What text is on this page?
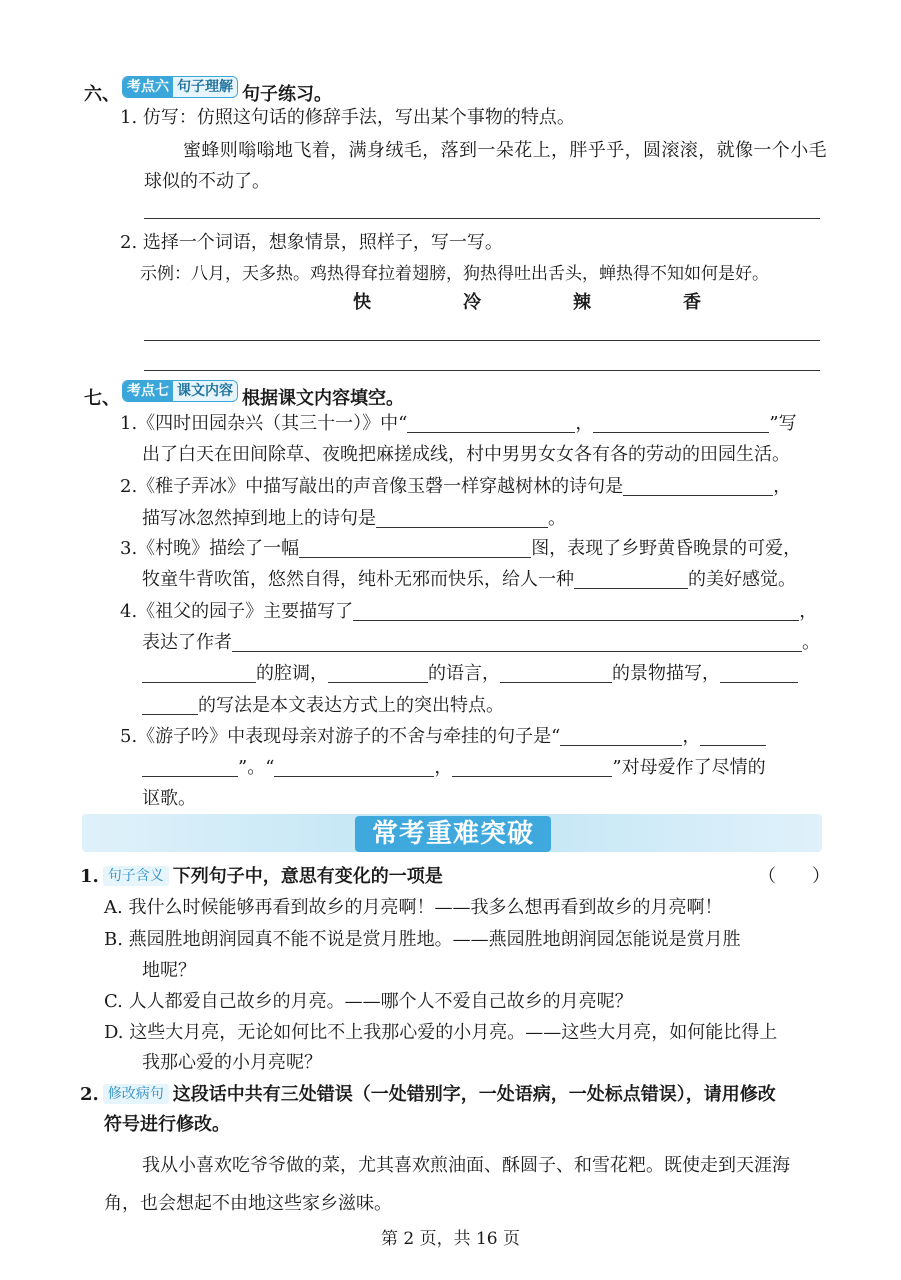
六、 考点六 句子理解 句子练习。
1. 仿写：仿照这句话的修辞手法，写出某个事物的特点。
蜜蜂则嗡嗡地飞着，满身绒毛，落到一朵花上，胖乎乎，圆滚滚，就像一个小毛
球似的不动了。
2. 选择一个词语，想象情景，照样子，写一写。
示例：八月，天多热。鸡热得耷拉着翅膀，狗热得吐出舌头，蝉热得不知如何是好。
快	冷	辣	香
七、 考点七 课文内容 根据课文内容填空。
1.《四时田园杂兴（其三十一）》中“	，	”写
出了白天在田间除草、夜晚把麻搓成线，村中男男女女各有各的劳动的田园生活。
2.《稚子弄冰》中描写敲出的声音像玉磬一样穿越树林的诗句是	，
描写冰忽然掉到地上的诗句是	。
3.《村晚》描绘了一幅	图，表现了乡野黄昏晚景的可爱，
牧童牛背吹笛，悠然自得，纯朴无邪而快乐，给人一种	的美好感觉。
4.《祖父的园子》主要描写了	，
表达了作者	。
的腔调，	的语言，	的景物描写，
的写法是本文表达方式上的突出特点。
5.《游子吟》中表现母亲对游子的不舍与牵挂的句子是“	，
”。“	，	”对母爱作了尽情的
讴歌。
常考重难突破
1. 句子含义 下列句子中，意思有变化的一项是	（　　）
A. 我什么时候能够再看到故乡的月亮啊！——我多么想再看到故乡的月亮啊！
B. 燕园胜地朗润园真不能不说是赏月胜地。——燕园胜地朗润园怎能说是赏月胜
地呢？
C. 人人都爱自己故乡的月亮。——哪个人不爱自己故乡的月亮呢？
D. 这些大月亮，无论如何比不上我那心爱的小月亮。——这些大月亮，如何能比得上
我那心爱的小月亮呢？
2. 修改病句 这段话中共有三处错误（一处错别字，一处语病，一处标点错误），请用修改
符号进行修改。
我从小喜欢吃爷爷做的菜，尤其喜欢煎油面、酥圆子、和雪花粑。既使走到天涯海
角，也会想起不由地这些家乡滋味。
第 2 页，共 16 页
